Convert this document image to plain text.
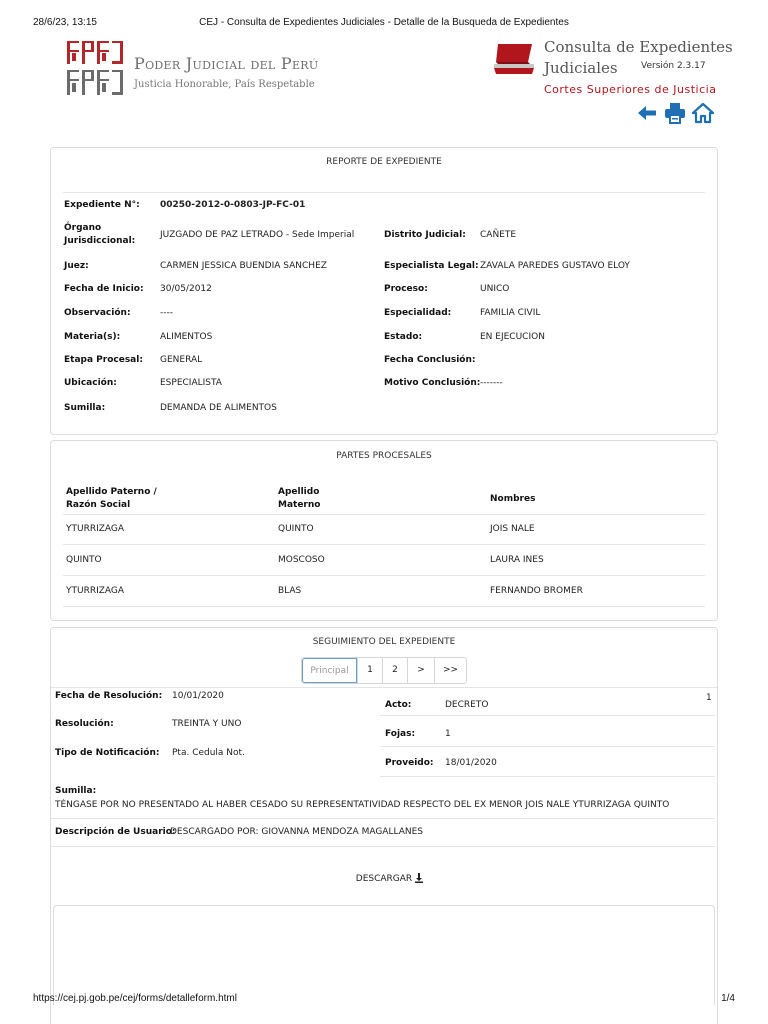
28/6/23, 13:15	CEJ - Consulta de Expedientes Judiciales - Detalle de la Busqueda de Expedientes
Poder Judicial del Perú
Justicia Honorable, País Respetable
Consulta de Expedientes
Judiciales	Versión 2.3.17
Cortes Superiores de Justicia
REPORTE DE EXPEDIENTE
Expediente N°: 00250-2012-0-0803-JP-FC-01
Órgano
Jurisdiccional:
JUZGADO DE PAZ LETRADO - Sede Imperial	Distrito Judicial: CAÑETE
Juez:	CARMEN JESSICA BUENDIA SANCHEZ	Especialista Legal: ZAVALA PAREDES GUSTAVO ELOY
Fecha de Inicio: 30/05/2012	Proceso:	UNICO
Observación:	----	Especialidad:	FAMILIA CIVIL
Materia(s):	ALIMENTOS	Estado:	EN EJECUCION
Etapa Procesal: GENERAL	Fecha Conclusión:
Ubicación:	ESPECIALISTA	Motivo Conclusión: -------
Sumilla:	DEMANDA DE ALIMENTOS
PARTES PROCESALES
Apellido Paterno /
Razón Social
Apellido
Materno
Nombres
YTURRIZAGA	QUINTO	JOIS NALE
QUINTO	MOSCOSO	LAURA INES
YTURRIZAGA	BLAS	FERNANDO BROMER
SEGUIMIENTO DEL EXPEDIENTE
Principal	1	2	>	>>
Fecha de Resolución: 10/01/2020
Acto:	DECRETO
1
Resolución:	TREINTA Y UNO
Fojas:	1
Tipo de Notificación: Pta. Cedula Not.
Proveido: 18/01/2020
Sumilla:
TÉNGASE POR NO PRESENTADO AL HABER CESADO SU REPRESENTATIVIDAD RESPECTO DEL EX MENOR JOIS NALE YTURRIZAGA QUINTO
Descripción de Usuario:
DESCARGADO POR: GIOVANNA MENDOZA MAGALLANES
DESCARGAR
https://cej.pj.gob.pe/cej/forms/detalleform.html	1/4
